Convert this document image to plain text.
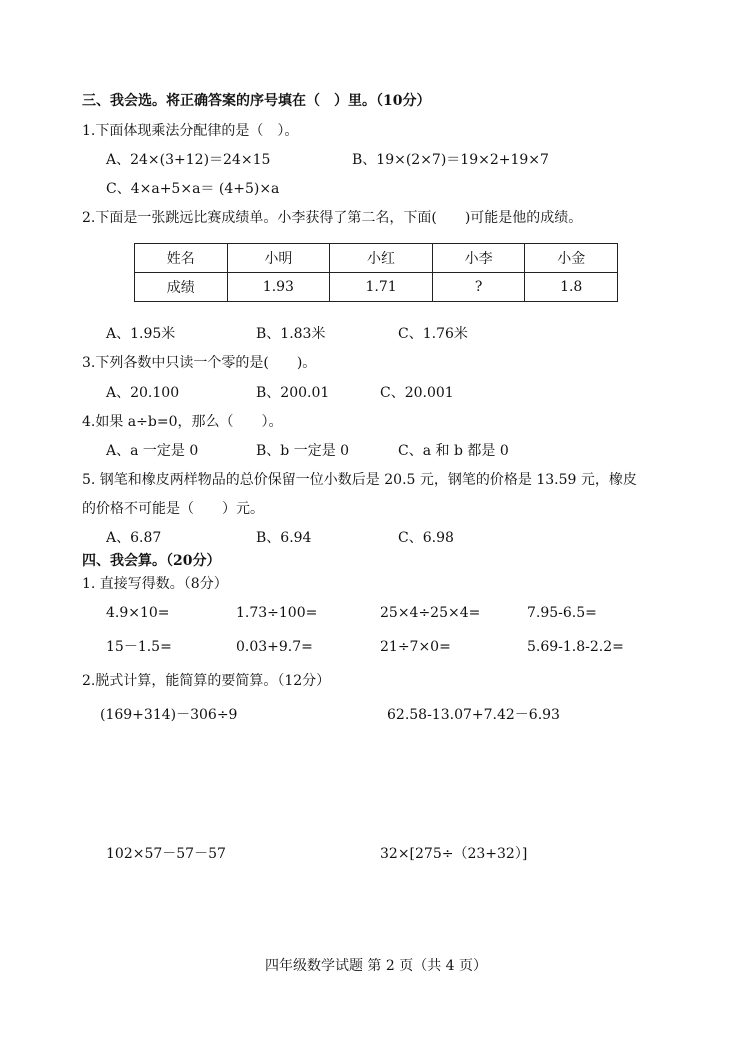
三、我会选。将正确答案的序号填在（　）里。（10分）
1.下面体现乘法分配律的是（　）。
A、24×(3+12)＝24×15	B、19×(2×7)＝19×2+19×7
C、4×a+5×a＝ (4+5)×a
2.下面是一张跳远比赛成绩单。小李获得了第二名，下面(　　)可能是他的成绩。
姓名	小明	小红	小李	小金
成绩	1.93	1.71	?	1.8
A、1.95米	B、1.83米	C、1.76米
3.下列各数中只读一个零的是(　　)。
A、20.100	B、200.01	C、20.001
4.如果 a÷b=0，那么（　　）。
A、a 一定是 0	B、b 一定是 0	C、a 和 b 都是 0
5. 钢笔和橡皮两样物品的总价保留一位小数后是 20.5 元，钢笔的价格是 13.59 元，橡皮
的价格不可能是（　　）元。
A、6.87	B、6.94	C、6.98
四、我会算。（20分）
1. 直接写得数。（8分）
4.9×10=	1.73÷100=	25×4÷25×4=	7.95-6.5=
15－1.5=	0.03+9.7=	21÷7×0=	5.69-1.8-2.2=
2.脱式计算，能简算的要简算。（12分）
(169+314)－306÷9	62.58-13.07+7.42－6.93
102×57－57－57	32×[275÷（23+32）]
四年级数学试题 第 2 页（共 4 页）
